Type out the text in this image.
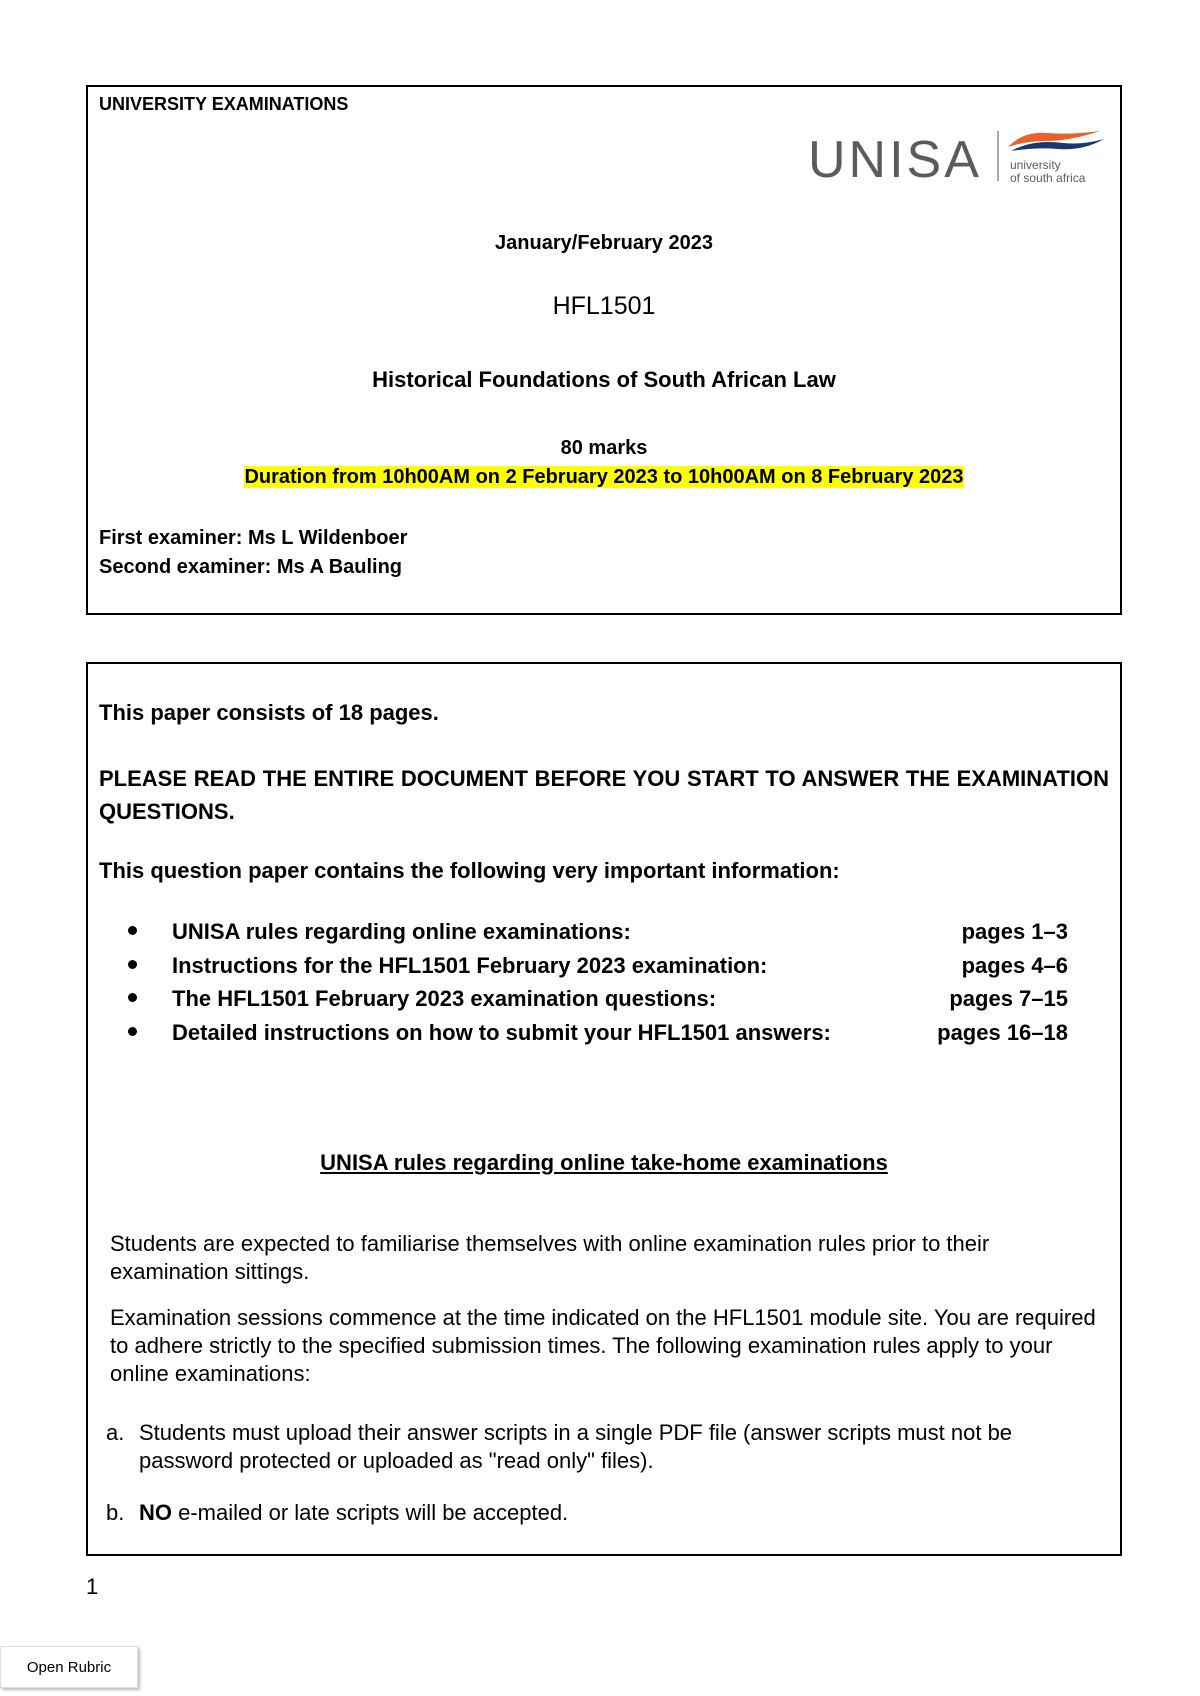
UNIVERSITY EXAMINATIONS
UNISA university
of south africa
January/February 2023
HFL1501
Historical Foundations of South African Law
80 marks
Duration from 10h00AM on 2 February 2023 to 10h00AM on 8 February 2023
First examiner: Ms L Wildenboer
Second examiner: Ms A Bauling
This paper consists of 18 pages.
PLEASE READ THE ENTIRE DOCUMENT BEFORE YOU START TO ANSWER THE EXAMINATION QUESTIONS.
This question paper contains the following very important information:
UNISA rules regarding online examinations:	pages 1–3
Instructions for the HFL1501 February 2023 examination:	pages 4–6
The HFL1501 February 2023 examination questions:	pages 7–15
Detailed instructions on how to submit your HFL1501 answers:	pages 16–18
UNISA rules regarding online take-home examinations
Students are expected to familiarise themselves with online examination rules prior to their examination sittings.
Examination sessions commence at the time indicated on the HFL1501 module site. You are required to adhere strictly to the specified submission times. The following examination rules apply to your online examinations:
a. Students must upload their answer scripts in a single PDF file (answer scripts must not be password protected or uploaded as "read only" files).
b. NO e-mailed or late scripts will be accepted.
1
Open Rubric
